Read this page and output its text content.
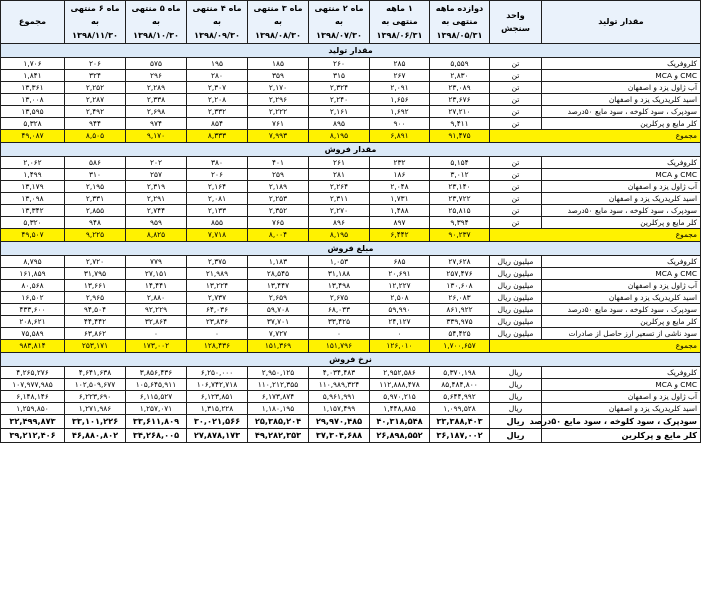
مقدار تولید	واحد سنجش	دوازده ماهه منتهی به ۱۳۹۸/۰۵/۳۱	۱ ماهه منتهی به ۱۳۹۸/۰۶/۳۱	ماه ۲ منتهی به ۱۳۹۸/۰۷/۳۰	ماه ۳ منتهی به ۱۳۹۸/۰۸/۳۰	ماه ۴ منتهی به ۱۳۹۸/۰۹/۳۰	ماه ۵ منتهی به ۱۳۹۸/۱۰/۳۰	ماه ۶ منتهی به ۱۳۹۸/۱۱/۳۰	مجموع
مقدار تولید									
کلروفریک	تن	۵,۵۵۹	۲۸۵	۲۶۰	۱۸۵	۱۹۵	۵۷۵	۲۰۶	۱,۷۰۶
CMC و MCA	تن	۲,۸۳۰	۲۶۷	۳۱۵	۳۵۹	۲۸۰	۲۹۶	۳۲۴	۱,۸۴۱
آب ژاول یزد و اصفهان	تن	۲۳,۰۸۹	۲,۰۹۱	۲,۳۲۴	۲,۱۷۰	۲,۳۰۷	۲,۲۸۹	۲,۲۵۲	۱۳,۳۶۱
اسید کلریدریک یزد و اصفهان	تن	۲۳,۶۷۶	۱,۶۵۶	۲,۲۴۰	۲,۲۹۶	۲,۲۰۸	۲,۳۳۸	۲,۲۸۷	۱۳,۰۰۸
سودپرک ، سود کلوخه ، سود مایع ۵۰درصد	تن	۲۷,۲۱۰	۱,۶۹۲	۲,۱۶۱	۲,۲۲۲	۲,۳۳۲	۲,۶۹۸	۲,۴۹۲	۱۳,۵۹۵
کلر مایع و پرکلرین	تن	۹,۴۱۱	۹۰۰	۸۹۵	۷۶۱	۸۵۴	۹۷۴	۹۴۴	۵,۳۲۸
مجموع		۹۱,۴۷۵	۶,۸۹۱	۸,۱۹۵	۷,۹۹۳	۸,۳۳۳	۹,۱۷۰	۸,۵۰۵	۴۹,۰۸۷
مقدار فروش									
کلروفریک	تن	۵,۱۵۴	۲۳۲	۲۶۱	۴۰۱	۳۸۰	۲۰۲	۵۸۶	۲,۰۶۲
CMC و MCA	تن	۳,۰۱۲	۱۸۶	۲۸۱	۲۵۹	۲۰۶	۲۵۷	۳۱۰	۱,۴۹۹
آب ژاول یزد و اصفهان	تن	۲۳,۱۴۰	۲,۰۴۸	۲,۲۶۴	۲,۱۸۹	۲,۱۶۴	۲,۳۱۹	۲,۱۹۵	۱۳,۱۷۹
اسید کلریدریک یزد و اصفهان	تن	۲۳,۷۲۲	۱,۷۳۱	۲,۳۱۱	۲,۲۵۳	۲,۰۸۱	۲,۲۹۱	۲,۳۳۱	۱۳,۰۹۸
سودپرک ، سود کلوخه ، سود مایع ۵۰درصد	تن	۲۵,۸۱۵	۱,۴۸۸	۲,۲۷۰	۲,۳۵۲	۲,۱۳۳	۲,۷۴۴	۲,۸۵۵	۱۳,۳۴۲
کلر مایع و پرکلرین	تن	۹,۳۹۴	۸۹۷	۸۹۶	۷۶۵	۸۵۵	۹۵۹	۹۴۸	۵,۳۲۰
مجموع		۹۰,۲۳۷	۶,۴۴۲	۸,۱۹۵	۸,۰۰۴	۷,۷۱۸	۸,۸۲۵	۹,۲۲۵	۴۹,۵۰۷
مبلغ فروش									
کلروفریک	میلیون ریال	۲۷,۶۲۸	۶۸۵	۱,۰۵۳	۱,۱۸۳	۲,۳۷۵	۷۷۹	۲,۷۲۰	۸,۷۹۵
CMC و MCA	میلیون ریال	۲۵۷,۴۷۶	۲۰,۶۹۱	۳۱,۱۸۸	۲۸,۵۴۵	۲۱,۹۸۹	۲۷,۱۵۱	۳۱,۷۹۵	۱۶۱,۸۵۹
آب ژاول یزد و اصفهان	میلیون ریال	۱۳۰,۶۰۸	۱۲,۲۲۷	۱۳,۴۹۸	۱۳,۴۴۷	۱۳,۲۲۴	۱۴,۴۴۱	۱۳,۶۶۱	۸۰,۵۶۸
اسید کلریدریک یزد و اصفهان	میلیون ریال	۲۶,۰۸۳	۲,۵۰۸	۲,۶۷۵	۲,۶۵۹	۲,۷۳۷	۲,۸۸۰	۲,۹۶۵	۱۶,۵۰۲
سودپرک ، سود کلوخه ، سود مایع ۵۰درصد	میلیون ریال	۸۶۱,۹۲۲	۵۹,۹۹۰	۶۸,۰۳۳	۵۹,۷۰۸	۶۴,۰۳۶	۹۲,۲۲۹	۹۴,۵۰۴	۴۳۳,۶۰۰
کلر مایع و پرکلرین	میلیون ریال	۳۳۹,۹۷۵	۲۴,۱۲۷	۳۳,۴۲۵	۳۷,۷۰۱	۲۳,۸۳۶	۳۲,۸۶۴	۴۴,۴۴۲	۲۰۸,۶۲۱
سود ناشی از تسعیر ارز حاصل از صادرات	میلیون ریال	۵۴,۴۲۵	۰	۰	۷,۷۲۷	۰	۰	۶۳,۸۶۲	۷۵,۵۸۹
مجموع		۱,۷۰۰,۶۵۷	۱۲۶,۰۱۰	۱۵۱,۷۹۶	۱۵۱,۳۶۹	۱۲۸,۴۳۶	۱۷۳,۰۰۲	۲۵۳,۱۷۱	۹۸۳,۸۱۴
نرخ فروش									
کلروفریک	ریال	۵,۳۷۰,۱۹۸	۲,۹۵۲,۵۸۶	۴,۰۳۴,۴۸۳	۲,۹۵۰,۱۲۵	۶,۲۵۰,۰۰۰	۳,۸۵۶,۴۳۶	۴,۶۴۱,۶۳۸	۴,۲۶۵,۲۷۶
CMC و MCA	ریال	۸۵,۴۸۴,۸۰۰	۱۱۲,۸۸۸,۴۷۸	۱۱۰,۹۸۹,۳۲۴	۱۱۰,۲۱۲,۳۵۵	۱۰۶,۷۴۲,۷۱۸	۱۰۵,۶۴۵,۹۱۱	۱۰۲,۵۰۹,۶۷۷	۱۰۷,۹۷۷,۹۸۵
آب ژاول یزد و اصفهان	ریال	۵,۶۴۴,۹۹۲	۵,۹۷۰,۲۱۵	۵,۹۶۱,۹۹۱	۶,۱۷۳,۸۷۴	۶,۱۲۳,۸۵۱	۶,۱۱۵,۵۲۷	۶,۲۲۳,۶۹۰	۶,۱۴۸,۱۴۶
اسید کلریدریک یزد و اصفهان	ریال	۱,۰۹۹,۵۲۸	۱,۴۴۸,۸۸۵	۱,۱۵۷,۴۹۹	۱,۱۸۰,۱۹۵	۱,۳۱۵,۲۲۸	۱,۲۵۷,۰۷۱	۱,۲۷۱,۹۸۶	۱,۲۵۹,۸۵۰
سودپرک ، سود کلوخه ، سود مایع ۵۰درصد	ریال	۳۳,۳۸۸,۴۰۳	۴۰,۳۱۸,۵۴۸	۲۹,۹۷۰,۴۸۵	۲۵,۳۸۵,۲۰۴	۳۰,۰۲۱,۵۶۶	۳۳,۶۱۱,۸۰۹	۳۳,۱۰۱,۲۲۶	۳۲,۴۹۹,۸۷۳
کلر مایع و پرکلرین	ریال	۳۶,۱۸۷,۰۰۲	۲۶,۸۹۸,۵۵۲	۳۷,۳۰۴,۶۸۸	۴۹,۲۸۲,۳۵۳	۲۷,۸۷۸,۱۷۳	۳۴,۲۶۸,۰۰۵	۴۶,۸۸۰,۸۰۲	۳۹,۲۱۲,۴۰۶
